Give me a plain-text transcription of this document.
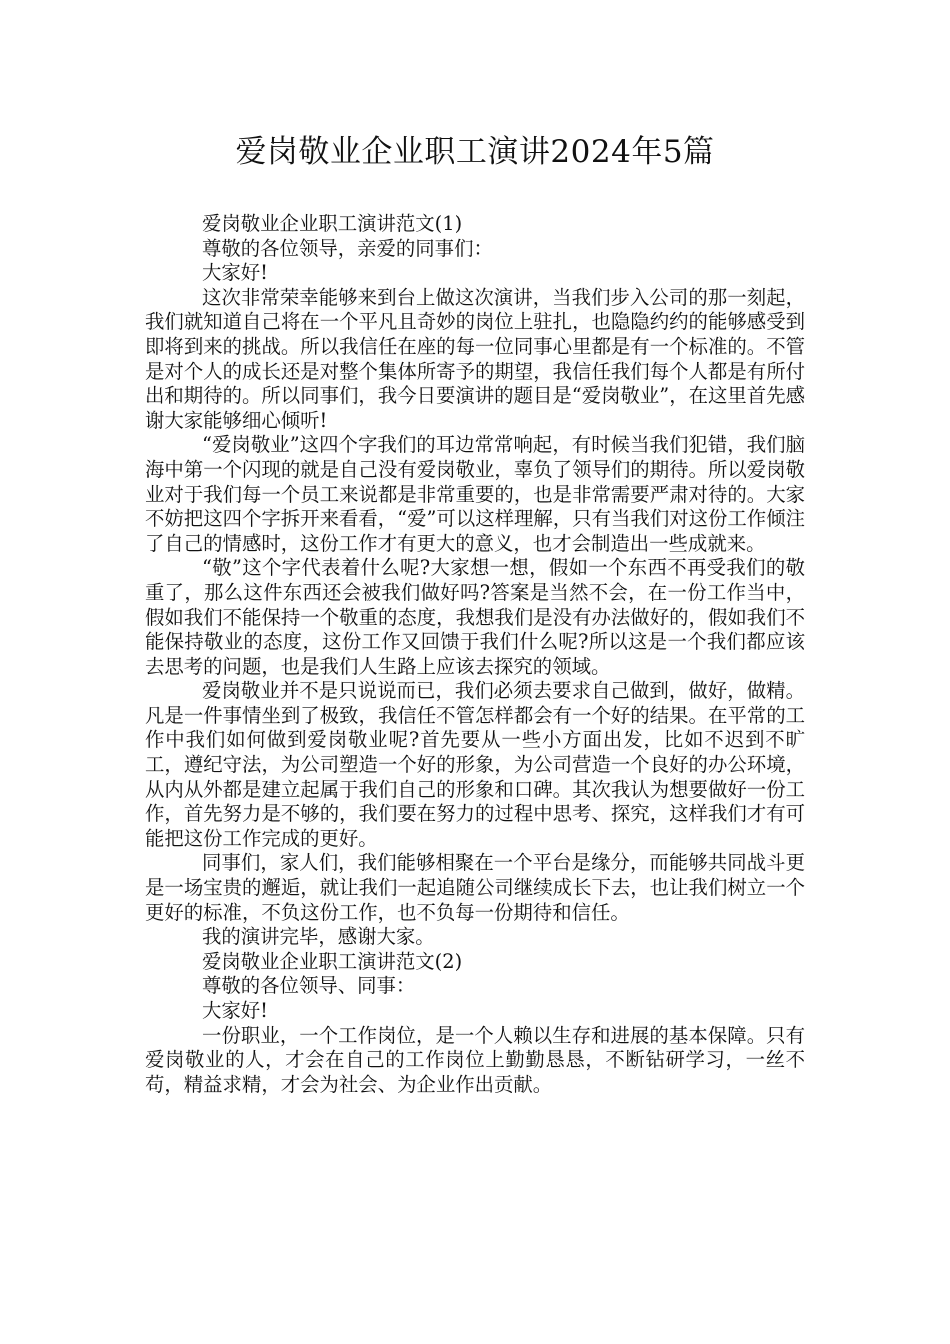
爱岗敬业企业职工演讲2024年5篇

爱岗敬业企业职工演讲范文(1)

尊敬的各位领导，亲爱的同事们：

大家好!

这次非常荣幸能够来到台上做这次演讲，当我们步入公司的那一刻起，我们就知道自己将在一个平凡且奇妙的岗位上驻扎，也隐隐约约的能够感受到即将到来的挑战。所以我信任在座的每一位同事心里都是有一个标准的。不管是对个人的成长还是对整个集体所寄予的期望，我信任我们每个人都是有所付出和期待的。所以同事们，我今日要演讲的题目是“爱岗敬业”，在这里首先感谢大家能够细心倾听!

“爱岗敬业”这四个字我们的耳边常常响起，有时候当我们犯错，我们脑海中第一个闪现的就是自己没有爱岗敬业，辜负了领导们的期待。所以爱岗敬业对于我们每一个员工来说都是非常重要的，也是非常需要严肃对待的。大家不妨把这四个字拆开来看看，“爱”可以这样理解，只有当我们对这份工作倾注了自己的情感时，这份工作才有更大的意义，也才会制造出一些成就来。

“敬”这个字代表着什么呢?大家想一想，假如一个东西不再受我们的敬重了，那么这件东西还会被我们做好吗?答案是当然不会，在一份工作当中，假如我们不能保持一个敬重的态度，我想我们是没有办法做好的，假如我们不能保持敬业的态度，这份工作又回馈于我们什么呢?所以这是一个我们都应该去思考的问题，也是我们人生路上应该去探究的领域。

爱岗敬业并不是只说说而已，我们必须去要求自己做到，做好，做精。凡是一件事情坐到了极致，我信任不管怎样都会有一个好的结果。在平常的工作中我们如何做到爱岗敬业呢?首先要从一些小方面出发，比如不迟到不旷工，遵纪守法，为公司塑造一个好的形象，为公司营造一个良好的办公环境，从内从外都是建立起属于我们自己的形象和口碑。其次我认为想要做好一份工作，首先努力是不够的，我们要在努力的过程中思考、探究，这样我们才有可能把这份工作完成的更好。

同事们，家人们，我们能够相聚在一个平台是缘分，而能够共同战斗更是一场宝贵的邂逅，就让我们一起追随公司继续成长下去，也让我们树立一个更好的标准，不负这份工作，也不负每一份期待和信任。

我的演讲完毕，感谢大家。

爱岗敬业企业职工演讲范文(2)

尊敬的各位领导、同事：

大家好!

一份职业，一个工作岗位，是一个人赖以生存和进展的基本保障。只有爱岗敬业的人，才会在自己的工作岗位上勤勤恳恳，不断钻研学习，一丝不苟，精益求精，才会为社会、为企业作出贡献。
